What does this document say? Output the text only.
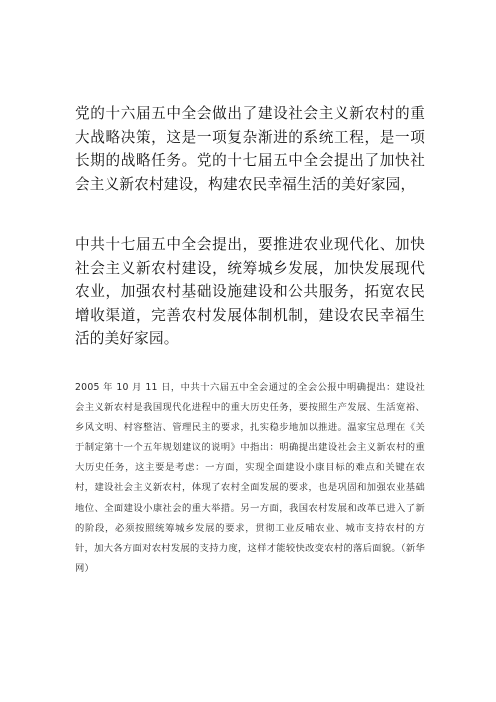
党的十六届五中全会做出了建设社会主义新农村的重大战略决策，这是一项复杂渐进的系统工程，是一项长期的战略任务。党的十七届五中全会提出了加快社会主义新农村建设，构建农民幸福生活的美好家园，

中共十七届五中全会提出，要推进农业现代化、加快社会主义新农村建设，统筹城乡发展，加快发展现代农业，加强农村基础设施建设和公共服务，拓宽农民增收渠道，完善农村发展体制机制，建设农民幸福生活的美好家园。

2005 年 10 月 11 日，中共十六届五中全会通过的全会公报中明确提出：建设社会主义新农村是我国现代化进程中的重大历史任务，要按照生产发展、生活宽裕、乡风文明、村容整洁、管理民主的要求，扎实稳步地加以推进。温家宝总理在《关于制定第十一个五年规划建议的说明》中指出：明确提出建设社会主义新农村的重大历史任务，这主要是考虑：一方面，实现全面建设小康目标的难点和关键在农村，建设社会主义新农村，体现了农村全面发展的要求，也是巩固和加强农业基础地位、全面建设小康社会的重大举措。另一方面，我国农村发展和改革已进入了新的阶段，必须按照统筹城乡发展的要求，贯彻工业反哺农业、城市支持农村的方针，加大各方面对农村发展的支持力度，这样才能较快改变农村的落后面貌。（新华网）
